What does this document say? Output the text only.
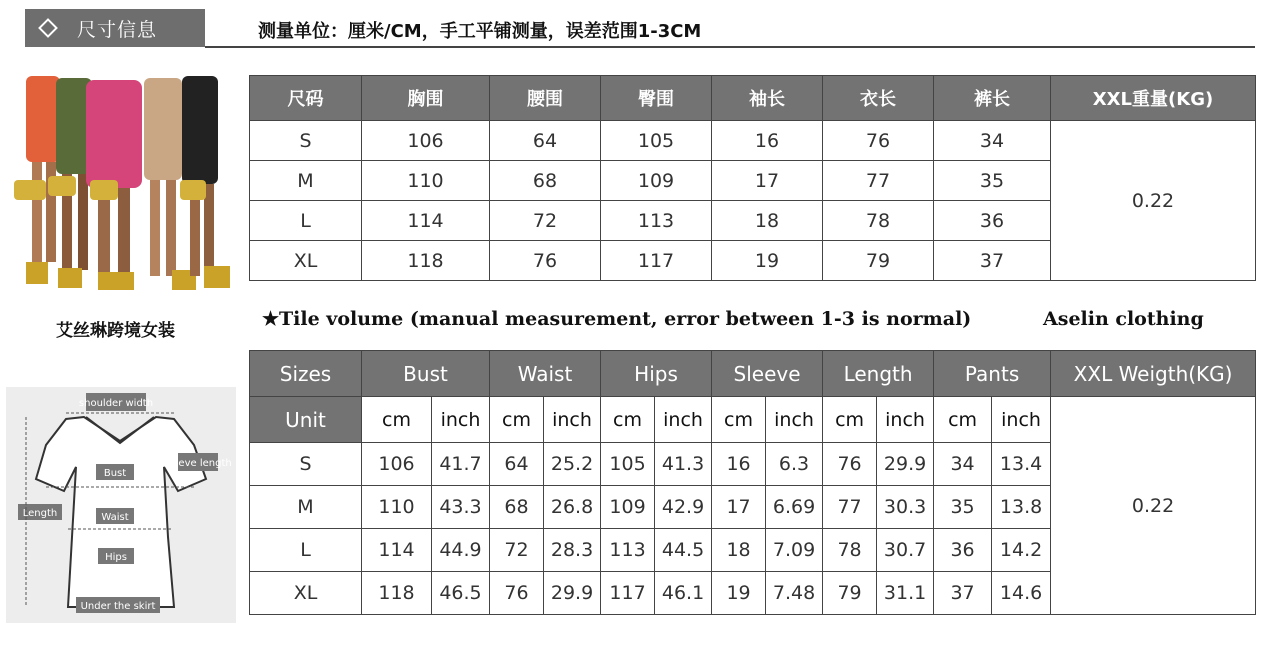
尺寸信息	测量单位：厘米/CM，手工平铺测量，误差范围1-3CM
艾丝琳跨境女装
shoulder width
sleeve length
Bust
Waist
Hips
Length
Under the skirt
尺码	胸围	腰围	臀围	袖长	衣长	裤长	XXL重量(KG)
S	106	64	105	16	76	34	0.22
M	110	68	109	17	77	35	
L	114	72	113	18	78	36	
XL	118	76	117	19	79	37	
★Tile volume (manual measurement, error between 1-3 is normal)	Aselin clothing
Sizes	Bust		Waist		Hips		Sleeve		Length		Pants		XXL Weigth(KG)
Unit	cm	inch	cm	inch	cm	inch	cm	inch	cm	inch	cm	inch	0.22
S	106	41.7	64	25.2	105	41.3	16	6.3	76	29.9	34	13.4	
M	110	43.3	68	26.8	109	42.9	17	6.69	77	30.3	35	13.8	
L	114	44.9	72	28.3	113	44.5	18	7.09	78	30.7	36	14.2	
XL	118	46.5	76	29.9	117	46.1	19	7.48	79	31.1	37	14.6	
